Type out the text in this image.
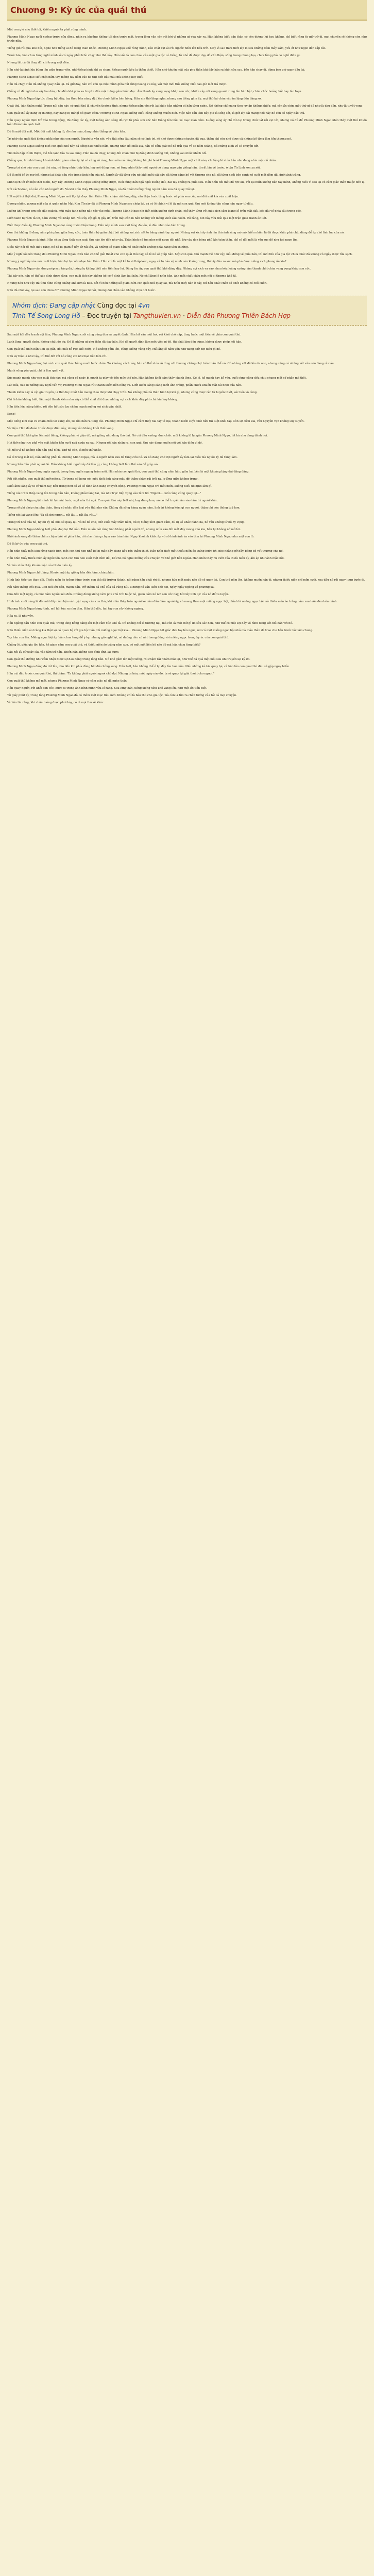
Chương 9: Kỳ ức của quái thú

Một cơn gió nhẹ thổi tới, khiến người ta phát rùng mình.

Phương Minh Ngạo ngồi xuống trước cửa động, nhìn ra khoảng không tối đen trước mặt, trong lòng vẫn còn rối bời vì những gì vừa xảy ra. Hắn không biết bản thân có còn đường lùi hay không, chỉ biết rằng từ giờ trở đi, mọi chuyện sẽ không còn như trước nữa.

Tiếng gió rít qua khe núi, nghe như tiếng ai đó đang than khóc. Phương Minh Ngạo khẽ rùng mình, kéo chặt vạt áo rồi ngước nhìn lên bầu trời. Mấy vì sao thưa thớt lấp ló sau những đám mây xám, yếu ớt như ngọn đèn sắp tắt.

Trước kia, hắn chưa từng nghĩ mình sẽ có ngày phải trốn chạy như thế này. Hắn vốn là con cháu của một gia tộc có tiếng, từ nhỏ đã được dạy dỗ cẩn thận, sống trong nhung lụa, chưa từng phải lo nghĩ điều gì.

Nhưng tất cả đã thay đổi chỉ trong một đêm.

Hắn nhớ lại ánh lửa bùng lên giữa trang viên, nhớ tiếng binh khí va chạm, tiếng người kêu la thảm thiết. Hắn nhớ khuôn mặt của phụ thân khi đẩy hắn ra khỏi cửa sau, bảo hắn chạy đi, đừng bao giờ quay đầu lại.

Phương Minh Ngạo siết chặt nắm tay, móng tay đâm vào da thịt đến bật máu mà không hay biết.

Hắn đã chạy. Hắn đã không quay đầu lại. Và giờ đây, hắn chỉ còn lại một mình giữa núi rừng hoang vu này, với một mối thù không biết bao giờ mới trả được.

Chẳng rõ đã ngồi như vậy bao lâu, cho đến khi phía xa truyền đến một tiếng gầm trầm đục. Âm thanh ấy vang vọng khắp sơn cốc, khiến cây cối xung quanh rung lên bần bật, chim chóc hoảng hốt bay tán loạn.

Phương Minh Ngạo lập tức đứng bật dậy, tay theo bản năng đặt lên chuôi kiếm bên hông. Hắn nín thở lắng nghe, nhưng sau tiếng gầm ấy, mọi thứ lại chìm vào im lặng đến đáng sợ.

Quái thú, hắn thầm nghĩ. Trong núi sâu này, có quái thú là chuyện thường tình, nhưng tiếng gầm vừa rồi lại khác hẳn những gì hắn từng nghe. Nó không chỉ mang theo uy áp khủng khiếp, mà còn ẩn chứa một thứ gì đó như là đau đớn, như là tuyệt vọng.

Con quái thú ấy đang bị thương, hay đang bị thứ gì đó giam cầm? Phương Minh Ngạo không biết, cũng không muốn biết. Việc hắn cần làm bây giờ là sống sót, là giữ lấy cái mạng nhỏ này để còn có ngày báo thù.

Hắn quay người định trở vào trong động, thì đúng lúc ấy, một luồng ánh sáng đỏ rực từ phía sơn cốc bắn thẳng lên trời, xé toạc màn đêm. Luồng sáng ấy chỉ tồn tại trong chốc lát rồi vụt tắt, nhưng nó đủ để Phương Minh Ngạo nhìn thấy một thứ khiến toàn thân hắn lạnh toát.

Đó là một đôi mắt. Một đôi mắt khổng lồ, đỏ như máu, đang nhìn thẳng về phía hắn.

Trí nhớ của quái thú không phải như của con người. Người ta vẫn nói, yêu thú sống lâu năm sẽ có linh trí, sẽ nhớ được những chuyện đã qua, thậm chí còn nhớ được cả những kẻ từng làm tổn thương nó.

Phương Minh Ngạo không biết con quái thú này đã sống bao nhiêu năm, nhưng nhìn đôi mắt kia, hắn có cảm giác nó đã trải qua vô số năm tháng, đã chứng kiến vô số chuyện đời.

Tim hắn đập thình thịch, mồ hôi lạnh túa ra sau lưng. Hắn muốn chạy, nhưng đôi chân như bị đóng đinh xuống đất, không sao nhúc nhích nổi.

Chẳng qua, trí nhớ trong khoảnh khắc giam cầm ấy lại vô cùng rõ ràng, hơn nữa nó cũng không hề phí hoài Phương Minh Ngạo một chút nào, chỉ lặng lẽ nhìn hắn như đang nhìn một cố nhân.

Trong trí nhớ của con quái thú này, nó từng nhìn thấy hắn, hay nói đúng hơn, nó từng nhìn thấy một người có dung mạo gần giống hắn, từ rất lâu về trước, ở tận Tứ Linh sơn xa xôi.

Đó là một ký ức mơ hồ, nhưng lại khắc sâu vào trong linh hồn của nó. Người ấy đã từng cứu nó khỏi một cái bẫy, đã từng băng bó vết thương cho nó, đã từng ngồi bên cạnh nó suốt một đêm dài dưới ánh trăng.

Minh lịch tới lời một thời điểm, hay Tây Phương Minh Ngạo không đứng được, cuối cùng hắn ngã ngồi xuống đất, hai tay chống ra phía sau. Hắn nhìn đôi mắt đỏ rực kia, rồi lại nhìn xuống bàn tay mình, không hiểu vì sao lại có cảm giác thân thuộc đến lạ.

Nói cách khác, nó vẫn còn nhớ người đó. Và khi nhìn thấy Phương Minh Ngạo, nó đã nhầm tưởng rằng người năm xưa đã quay trở lại.

Hết một hơi thật dài, Phương Minh Ngạo mới lấy lại được tinh thần. Hắn chậm rãi đứng dậy, cẩn thận bước từng bước về phía sơn cốc, nơi đôi mắt kia vừa xuất hiện.

Đương nhiên, gương mặt của vị quân nhân Mạt Kim Tử này đã bị Phương Minh Ngạo sao chép lại, và có lẽ chính vì lẽ ấy mà con quái thú mới không tấn công hắn ngay từ đầu.

Luồng khí trong sơn cốc đặc quánh, mùi máu tanh nồng nặc xộc vào mũi. Phương Minh Ngạo nín thở, nhìn xuống dưới chân, chỉ thấy từng vệt máu đen sậm loang lổ trên mặt đất, kéo dài về phía sâu trong cốc.

Lưới xanh bị rách tả tơi, nằm vương vãi khắp nơi. Vài cây cột gỗ bị gãy đổ, trên mặt còn in hằn những vết móng vuốt sâu hoắm. Rõ ràng, nơi này vừa trải qua một trận giao tranh ác liệt.

Biết được điều ấy, Phương Minh Ngạo lại càng thêm thận trọng. Hắn nép mình sau một tảng đá lớn, ló đầu nhìn vào bên trong.

Con thú khổng lồ đang nằm phủ phục giữa lòng cốc, toàn thân bị quấn chặt bởi những sợi xích sắt to bằng cánh tay người. Những sợi xích ấy ánh lên thứ ánh sáng mờ mờ, hiển nhiên là đã được khắc phù chú, dùng để áp chế linh lực của nó.

Phương Minh Ngạo cả kinh. Hắn chưa từng thấy con quái thú nào lớn đến như vậy. Thân hình nó tựa như một ngọn đồi nhỏ, lớp vảy đen bóng phủ kín toàn thân, chỉ có đôi mắt là vẫn rực đỏ như hai ngọn lửa.

Điều này nói rõ một điều rằng, nó đã bị giam ở đây từ rất lâu, và những kẻ giam cầm nó chắc chắn không phải hạng tầm thường.

Một ý nghĩ lóe lên trong đầu Phương Minh Ngạo. Nếu hắn có thể giải thoát cho con quái thú này, có lẽ nó sẽ giúp hắn. Một con quái thú mạnh mẽ như vậy, nếu đứng về phía hắn, thì mối thù của gia tộc chưa chắc đã không có ngày được rửa sạch.

Nhưng ý nghĩ ấy vừa mới xuất hiện, hắn lại tự cười nhạo bản thân. Hắn chỉ là một kẻ tu vi thấp kém, ngay cả tự bảo vệ mình còn không xong, thì lấy đâu ra sức mà phá được xiềng xích phong ấn kia?

Phương Minh Ngạo vẫn đứng nép sau tảng đá, lưỡng lự không biết nên tiến hay lùi. Đúng lúc ấy, con quái thú khẽ động đậy. Những sợi xích va vào nhau kêu loảng xoảng, âm thanh chát chúa vang vọng khắp sơn cốc.

Thì bây giờ, hắn có thể xác định được rằng, con quái thú này không hề có ý định làm hại hắn. Nó chỉ lặng lẽ nhìn hắn, ánh mắt chất chứa một nỗi bi thương khó tả.

Nhưng nếu như vậy thì tình hình cũng chẳng khá hơn là bao. Bởi vì nếu những kẻ giam cầm con quái thú quay lại, mà nhìn thấy hắn ở đây, thì hắn chắc chắn sẽ chết không có chỗ chôn.

Nếu đã như vậy, tại sao còn chưa đi? Phương Minh Ngạo tự hỏi, nhưng đôi chân vẫn không chịu dời bước.

Nhóm dịch: Đang cập nhật Cùng đọc tại 4vn
Tinh Tế Song Long Hồ – Đọc truyện tại Tangthuvien.vn · Diễn đàn Phương Thiên Bách Hợp

Sau một hồi đấu tranh nội tâm, Phương Minh Ngạo cuối cùng cũng đưa ra quyết định. Hắn hít sâu một hơi, rời khỏi chỗ nấp, từng bước một tiến về phía con quái thú.

Lạnh lùng, quyết đoán, không chút do dự. Đó là những gì phụ thân đã dạy hắn. Khi đã quyết định làm một việc gì đó, thì phải làm đến cùng, không được phép hối hận.

Con quái thú nhìn hắn tiến lại gần, đôi mắt đỏ rực khẽ chớp. Nó không gầm lên, cũng không vùng vẫy, chỉ lặng lẽ nằm yên như đang chờ đợi điều gì đó.

Nếu sự thật là như vậy, thì thế đời với nó cũng coi như bạc bẽo lắm rồi.

Phương Minh Ngạo dừng lại cách con quái thú chừng mười bước chân. Từ khoảng cách này, hắn có thể nhìn rõ từng vết thương chằng chịt trên thân thể nó. Có những vết đã lên da non, nhưng cũng có những vết vẫn còn đang rỉ máu.

Mạnh sống yêu quái, chỉ là làm quái vật.

Sức mạnh mạnh như con quái thú này, mà cũng có ngày bị người ta giày vò đến mức thế này. Hắn không khỏi cảm thấy chạnh lòng. Có lẽ, kẻ mạnh hay kẻ yếu, cuối cùng cũng đều chịu chung một số phận mà thôi.

Lắc đầu, xua đi những suy nghĩ vẩn vơ, Phương Minh Ngạo rút thanh kiếm bên hông ra. Lưỡi kiếm sáng loáng dưới ánh trăng, phản chiếu khuôn mặt tái nhợt của hắn.

Thanh kiếm này là vật gia truyền, là thứ duy nhất hắn mang theo được khi chạy trốn. Nó không phải là thần binh lợi khí gì, nhưng cũng được rèn từ huyền thiết, sắc bén vô cùng.

Chỉ là hắn không biết, liệu một thanh kiếm như vậy có thể chặt đứt được những sợi xích khắc đầy phù chú kia hay không.

Hắn tiến lên, nâng kiếm, rồi dồn hết sức lực chém mạnh xuống sợi xích gần nhất.

Keng!

Một tiếng kim loại va chạm chói tai vang lên, tia lửa bắn ra tung tóe. Phương Minh Ngạo chỉ cảm thấy hai tay tê dại, thanh kiếm suýt chút nữa thì tuột khỏi tay. Còn sợi xích kia, vẫn nguyên vẹn không suy suyển.

Vô hiệu. Hắn đã đoán trước được điều này, nhưng vẫn không khỏi thất vọng.

Con quái thú khẽ gầm lên một tiếng, không phải vì giận dữ, mà giống như đang thở dài. Nó cúi đầu xuống, đưa chiếc mũi khổng lồ lại gần Phương Minh Ngạo, hít hà như đang đánh hơi.

Hơi thở nóng rực phả vào mặt khiến hắn suýt ngã ngửa ra sau. Nhưng rồi hắn nhận ra, con quái thú này đang muốn nói với hắn điều gì đó.

Vô hiệu vì nó không cần hắn phá xích. Thứ nó cần, là một thứ khác.

Có lẽ trong mắt nó, hắn không phải là Phương Minh Ngạo, mà là người năm xưa đã từng cứu nó. Và nó đang chờ đợi người ấy làm lại điều mà người ấy đã từng làm.

Nhưng hắn đâu phải người đó. Hắn không biết người ấy đã làm gì, cũng không biết làm thế nào để giúp nó.

Phương Minh Ngạo đứng ngây người, trong lòng ngổn ngang trăm mối. Hắn nhìn con quái thú, con quái thú cũng nhìn hắn, giữa hai bên là một khoảng lặng dài đằng đẵng.

Rồi đột nhiên, con quái thú mở miệng. Từ trong cổ họng nó, một khối ánh sáng màu đỏ thẫm chậm rãi trôi ra, lơ lửng giữa không trung.

Khối ánh sáng ấy to cỡ nắm tay, bên trong như có vô số hình ảnh đang chuyển động. Phương Minh Ngạo trố mắt nhìn, không hiểu nó định làm gì.

Tiếng nói trầm thấp vang lên trong đầu hắn, không phải bằng tai, mà như trực tiếp vọng vào tâm trí: "Ngươi… cuối cùng cũng quay lại…"

Phương Minh Ngạo giật mình lùi lại một bước, suýt nữa thì ngã. Con quái thú này biết nói, hay đúng hơn, nó có thể truyền âm vào tâm trí người khác.

Trong sổ ghi chép của phụ thân, từng có nhắc đến loại yêu thú như vậy. Chúng đã sống hàng ngàn năm, linh trí không kém gì con người, thậm chí còn thông tuệ hơn.

Tiếng nói lại vang lên: "Ta đã đợi ngươi… rất lâu… rất lâu rồi…"

Trong trí nhớ của nó, người ấy đã hứa sẽ quay lại. Và nó đã chờ, chờ suốt mấy trăm năm, dù bị xiềng xích giam cầm, dù bị kẻ khác hành hạ, nó vẫn không từ bỏ hy vọng.

Phương Minh Ngạo không biết phải đáp lại thế nào. Hắn muốn nói rằng hắn không phải người đó, nhưng nhìn vào đôi mắt đầy mong chờ kia, hắn lại không nỡ mở lời.

Khối ánh sáng đỏ thẫm chầm chậm trôi về phía hắn, rồi nhẹ nhàng chạm vào trán hắn. Ngay khoảnh khắc ấy, vô số hình ảnh ùa vào tâm trí Phương Minh Ngạo như một cơn lũ.

Đó là ký ức của con quái thú.

Hắn nhìn thấy một khu rừng xanh tươi, một con thú non nhỏ bé bị mắc bẫy, đang kêu rên thảm thiết. Hắn nhìn thấy một thiếu niên áo trắng bước tới, nhẹ nhàng gỡ bẫy, băng bó vết thương cho nó.

Hắn nhìn thấy thiếu niên ấy ngồi bên cạnh con thú non suốt một đêm dài, kể cho nó nghe những câu chuyện về thế giới bên ngoài. Hắn nhìn thấy nụ cười của thiếu niên ấy, ấm áp như ánh mặt trời.

Và hắn nhìn thấy khuôn mặt của thiếu niên ấy.

Phương Minh Ngạo chết lặng. Khuôn mặt ấy, giống hắn đến tám, chín phần.

Hình ảnh tiếp tục thay đổi. Thiếu niên áo trắng đứng trước con thú đã trưởng thành, nói rằng hắn phải rời đi, nhưng hứa một ngày nào đó sẽ quay lại. Con thú gầm lên, không muốn hắn đi, nhưng thiếu niên chỉ mỉm cười, xoa đầu nó rồi quay lưng bước đi.

Rồi năm tháng trôi qua. Con thú lớn dần, mạnh dần, trở thành bá chủ của cả vùng núi. Nhưng nó vẫn luôn chờ đợi, ngày ngày ngóng về phương xa.

Cho đến một ngày, có một đám người kéo đến. Chúng dùng xiềng xích phù chú trói buộc nó, giam cầm nó nơi sơn cốc này, hút lấy linh lực của nó để tu luyện.

Hình ảnh cuối cùng là đôi mắt đầy căm hận và tuyệt vọng của con thú, khi nhìn thấy trên người kẻ cầm đầu đám người ấy, có mang theo một miếng ngọc bội, chính là miếng ngọc bội mà thiếu niên áo trắng năm xưa luôn đeo bên mình.

Phương Minh Ngạo bừng tỉnh, mồ hôi túa ra như tắm. Hắn thở dốc, hai tay run rẩy không ngừng.

Hóa ra, là như vậy.

Hắn ngẩng đầu nhìn con quái thú, trong lòng bỗng dâng lên một cảm xúc khó tả. Đó không chỉ là thương hại, mà còn là một thứ gì đó sâu sắc hơn, như thể có một sợi dây vô hình đang kết nối hắn với nó.

Nếu thiếu niên áo trắng kia thật sự có quan hệ với gia tộc hắn, thì miếng ngọc bội kia… Phương Minh Ngạo bất giác đưa tay lên ngực, nơi có một miếng ngọc bội nhỏ mà mẫu thân đã trao cho hắn trước lúc lâm chung.

Tay hắn run lên. Miếng ngọc bội ấy, hắn chưa từng để ý kỹ, nhưng giờ nghĩ lại, nó dường như có nét tương đồng với miếng ngọc trong ký ức của con quái thú.

Chẳng lẽ, giữa gia tộc hắn, kẻ giam cầm con quái thú, và thiếu niên áo trắng năm xưa, có một mối liên hệ nào đó mà hắn chưa từng biết?

Câu hỏi ấy cứ xoáy sâu vào tâm trí hắn, khiến hắn không sao bình tĩnh lại được.

Con quái thú dường như cảm nhận được sự dao động trong lòng hắn. Nó khẽ gầm lên một tiếng, rồi chậm rãi nhắm mắt lại, như thể đã quá mệt mỏi sau khi truyền lại ký ức.

Phương Minh Ngạo đứng đó rất lâu, cho đến khi phía đông bắt đầu hửng sáng. Hắn biết, hắn không thể ở lại đây lâu hơn nữa. Nếu những kẻ kia quay lại, cả hắn lẫn con quái thú đều sẽ gặp nguy hiểm.

Hắn cúi đầu trước con quái thú, thì thầm: "Ta không phải người ngươi chờ đợi. Nhưng ta hứa, một ngày nào đó, ta sẽ quay lại giải thoát cho ngươi."

Con quái thú không mở mắt, nhưng Phương Minh Ngạo có cảm giác nó đã nghe thấy.

Hắn quay người, rời khỏi sơn cốc, bước đi trong ánh bình minh vừa ló rạng. Sau lưng hắn, tiếng xiềng xích khẽ vang lên, như một lời tiễn biệt.

Từ giây phút ấy, trong lòng Phương Minh Ngạo đã có thêm một mục tiêu mới. Không chỉ là báo thù cho gia tộc, mà còn là tìm ra chân tướng của tất cả mọi chuyện.

Và hắn tin rằng, khi chân tướng được phơi bày, có lẽ mọi thứ sẽ khác.
